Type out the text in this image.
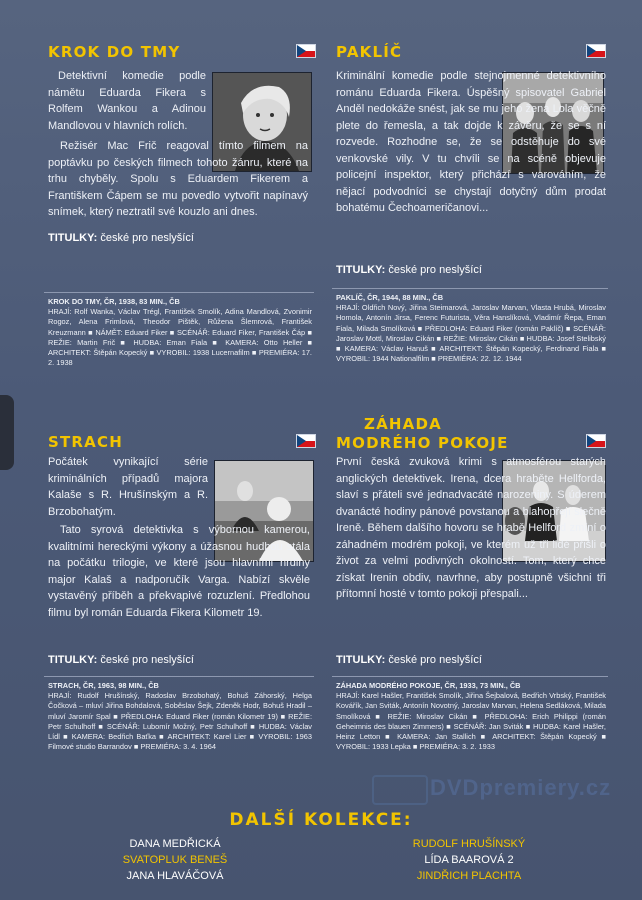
KROK DO TMY

Detektivní komedie podle námětu Eduarda Fikera s Rolfem Wankou a Adinou Mandlovou v hlavních rolích.

Režisér Mac Frič reagoval tímto filmem na poptávku po českých filmech tohoto žánru, které na trhu chyběly. Spolu s Eduardem Fikerem a Františkem Čápem se mu povedlo vytvořit napínavý snímek, který neztratil své kouzlo ani dnes.

TITULKY: české pro neslyšící
KROK DO TMY, ČR, 1938, 83 MIN., ČB
HRAJÍ: Rolf Wanka, Václav Trégl, František Smolík, Adina Mandlová, Zvonimir Rogoz, Alena Frimlová, Theodor Pištěk, Růžena Šlemrová, František Kreuzmann ■ NÁMĚT: Eduard Fiker ■ SCÉNÁŘ: Eduard Fiker, František Čáp ■ REŽIE: Martin Frič ■ HUDBA: Eman Fiala ■ KAMERA: Otto Heller ■ ARCHITEKT: Štěpán Kopecký ■ VYROBIL: 1938 Lucernafilm ■ PREMIÉRA: 17. 2. 1938
PAKLÍČ

Kriminální komedie podle stejnojmenné detektivního románu Eduarda Fikera. Úspěšný spisovatel Gabriel Anděl nedokáže snést, jak se mu jeho žena Lola věčně plete do řemesla, a tak dojde k závěru, že se s ní rozvede. Rozhodne se, že se odstěhuje do své venkovské vily. V tu chvíli se na scéně objevuje policejní inspektor, který přichází s varováním, že nějací podvodníci se chystají dotyčný dům prodat bohatému Čechoameričanovi...

TITULKY: české pro neslyšící
PAKLÍČ, ČR, 1944, 88 MIN., ČB
HRAJÍ: Oldřich Nový, Jiřina Steimarová, Jaroslav Marvan, Vlasta Hrubá, Miroslav Homola, Antonín Jirsa, Ferenc Futurista, Věra Hanslíková, Vladimír Řepa, Eman Fiala, Milada Smolíková ■ PŘEDLOHA: Eduard Fiker (román Paklíč) ■ SCÉNÁŘ: Jaroslav Mottl, Miroslav Cikán ■ REŽIE: Miroslav Cikán ■ HUDBA: Josef Stelibský ■ KAMERA: Václav Hanuš ■ ARCHITEKT: Štěpán Kopecký, Ferdinand Fiala ■ VYROBIL: 1944 Nationalfilm ■ PREMIÉRA: 22. 12. 1944
STRACH

Počátek vynikající série kriminálních případů majora Kalaše s R. Hrušínským a R. Brzobohatým.

Tato syrová detektivka s výbornou kamerou, kvalitními hereckými výkony a úžasnou hudbou stála na počátku trilogie, ve které jsou hlavními hrdiny major Kalaš a nadporučík Varga. Nabízí skvěle vystavěný příběh a překvapivé rozuzlení. Předlohou filmu byl román Eduarda Fikera Kilometr 19.

TITULKY: české pro neslyšící
STRACH, ČR, 1963, 98 MIN., ČB
HRAJÍ: Rudolf Hrušínský, Radoslav Brzobohatý, Bohuš Záhorský, Helga Čočková – mluví Jiřina Bohdalová, Soběslav Šejk, Zdeněk Hodr, Bohuš Hradil – mluví Jaromír Spal ■ PŘEDLOHA: Eduard Fiker (román Kilometr 19) ■ REŽIE: Petr Schulhoff ■ SCÉNÁŘ: Lubomír Možný, Petr Schulhoff ■ HUDBA: Václav Lídl ■ KAMERA: Bedřich Baťka ■ ARCHITEKT: Karel Lier ■ VYROBIL: 1963 Filmové studio Barrandov ■ PREMIÉRA: 3. 4. 1964
ZÁHADA
MODRÉHO POKOJE

První česká zvuková krimi s atmosférou starých anglických detektivek. Irena, dcera hraběte Hellforda, slaví s přáteli své jednadvacáté narozeniny. S úderem dvanácté hodiny pánové povstanou a blahopřejí slečně Ireně. Během dalšího hovoru se hrabě Hellford zmíní o záhadném modrém pokoji, ve kterém už tři lidé přišli o život za velmi podivných okolností. Tom, který chce získat Irenin obdiv, navrhne, aby postupně všichni tři přítomní hosté v tomto pokoji přespali...

TITULKY: české pro neslyšící
ZÁHADA MODRÉHO POKOJE, ČR, 1933, 73 MIN., ČB
HRAJÍ: Karel Hašler, František Smolík, Jiřina Šejbalová, Bedřich Vrbský, František Kovářík, Jan Sviták, Antonín Novotný, Jaroslav Marvan, Helena Sedláková, Milada Smolíková ■ REŽIE: Miroslav Cikán ■ PŘEDLOHA: Erich Philippi (román Geheimnis des blauen Zimmers) ■ SCÉNÁŘ: Jan Sviták ■ HUDBA: Karel Hašler, Heinz Letton ■ KAMERA: Jan Stallich ■ ARCHITEKT: Štěpán Kopecký ■ VYROBIL: 1933 Lepka ■ PREMIÉRA: 3. 2. 1933
DVDpremiery.cz
DALŠÍ KOLEKCE:
DANA MEDŘICKÁ
SVATOPLUK BENEŠ
JANA HLAVÁČOVÁ
RUDOLF HRUŠÍNSKÝ
LÍDA BAAROVÁ 2
JINDŘICH PLACHTA
